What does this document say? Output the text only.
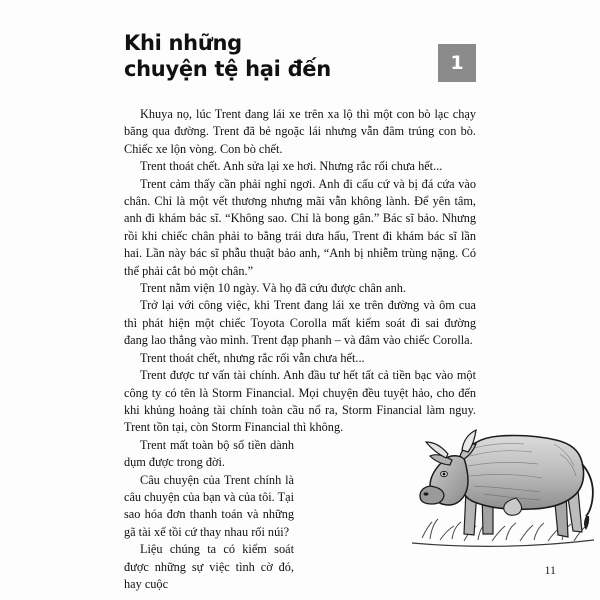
Khi những
chuyện tệ hại đến	1

Khuya nọ, lúc Trent đang lái xe trên xa lộ thì một con bò lạc chạy băng qua đường. Trent đã bẻ ngoặc lái nhưng vẫn đâm trúng con bò. Chiếc xe lộn vòng. Con bò chết.

Trent thoát chết. Anh sửa lại xe hơi. Nhưng rắc rối chưa hết...

Trent cảm thấy cần phải nghỉ ngơi. Anh đi cấu cứ và bị đá cứa vào chân. Chỉ là một vết thương nhưng mãi vẫn không lành. Để yên tâm, anh đi khám bác sĩ. “Không sao. Chỉ là bong gân.” Bác sĩ bảo. Nhưng rồi khi chiếc chân phải to bằng trái dưa hấu, Trent đi khám bác sĩ lần hai. Lần này bác sĩ phẫu thuật bảo anh, “Anh bị nhiễm trùng nặng. Có thể phải cắt bỏ một chân.”

Trent nằm viện 10 ngày. Và họ đã cứu được chân anh.

Trở lại với công việc, khi Trent đang lái xe trên đường và ôm cua thì phát hiện một chiếc Toyota Corolla mất kiểm soát đi sai đường đang lao thẳng vào mình. Trent đạp phanh – và đâm vào chiếc Corolla.

Trent thoát chết, nhưng rắc rối vẫn chưa hết...

Trent được tư vấn tài chính. Anh đầu tư hết tất cả tiền bạc vào một công ty có tên là Storm Financial. Mọi chuyện đều tuyệt hảo, cho đến khi khủng hoảng tài chính toàn cầu nổ ra, Storm Financial làm nguy. Trent tồn tại, còn Storm Financial thì không.

Trent mất toàn bộ số tiền dành dụm được trong đời.

Câu chuyện của Trent chính là câu chuyện của bạn và của tôi. Tại sao hóa đơn thanh toán và những gã tài xế tồi cứ thay nhau rối núi?

Liệu chúng ta có kiểm soát được những sự việc tình cờ đó, hay cuộc

11
